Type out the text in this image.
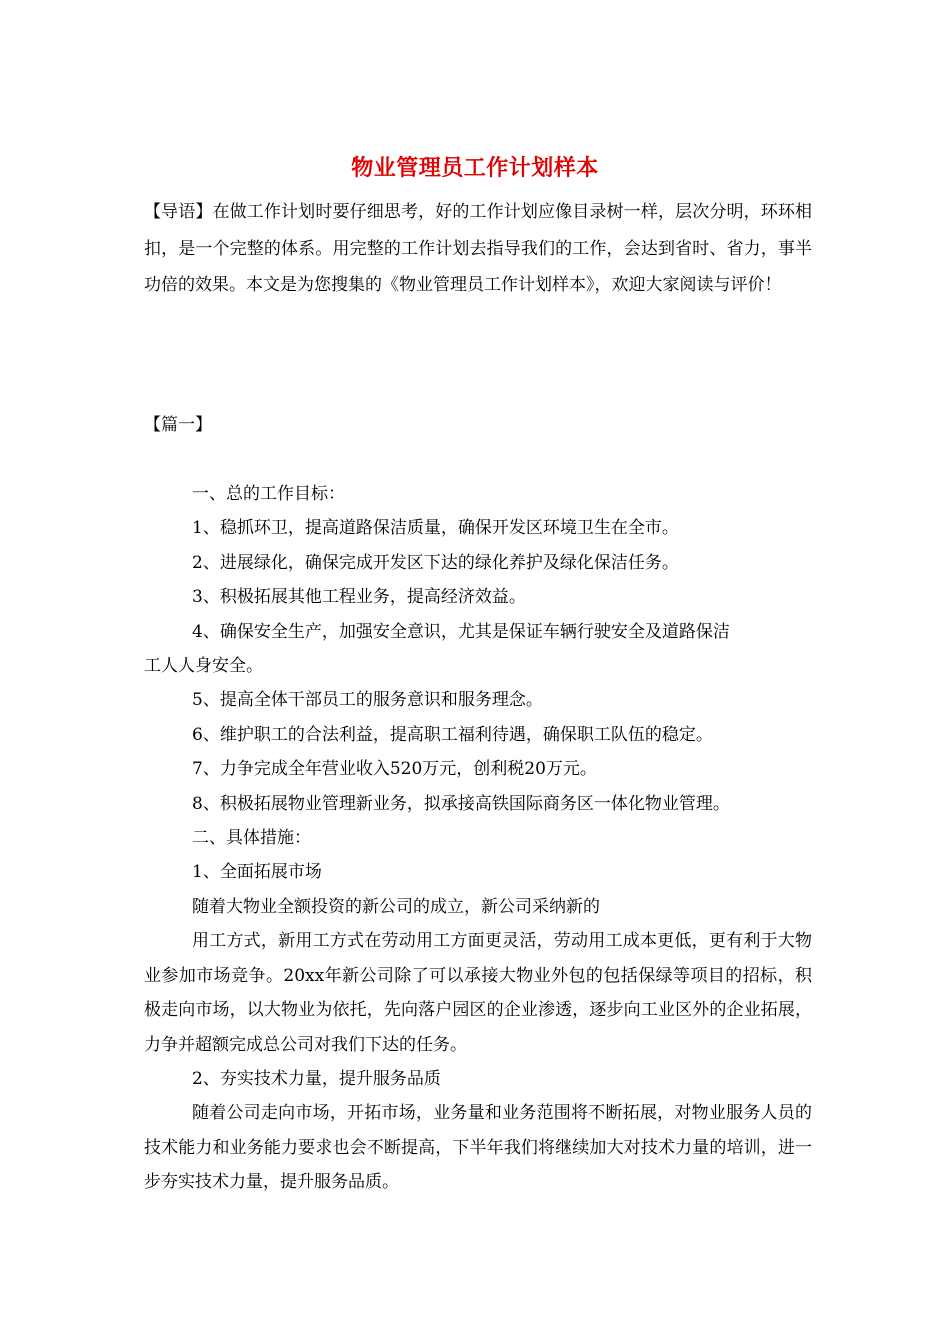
物业管理员工作计划样本
【导语】在做工作计划时要仔细思考，好的工作计划应像目录树一样，层次分明，环环相扣，是一个完整的体系。用完整的工作计划去指导我们的工作，会达到省时、省力，事半功倍的效果。本文是为您搜集的《物业管理员工作计划样本》，欢迎大家阅读与评价！
【篇一】
一、总的工作目标：
1、稳抓环卫，提高道路保洁质量，确保开发区环境卫生在全市。
2、进展绿化，确保完成开发区下达的绿化养护及绿化保洁任务。
3、积极拓展其他工程业务，提高经济效益。
4、确保安全生产，加强安全意识，尤其是保证车辆行驶安全及道路保洁
工人人身安全。
5、提高全体干部员工的服务意识和服务理念。
6、维护职工的合法利益，提高职工福利待遇，确保职工队伍的稳定。
7、力争完成全年营业收入520万元，创利税20万元。
8、积极拓展物业管理新业务，拟承接高铁国际商务区一体化物业管理。
二、具体措施：
1、全面拓展市场
随着大物业全额投资的新公司的成立，新公司采纳新的
用工方式，新用工方式在劳动用工方面更灵活，劳动用工成本更低，更有利于大物业参加市场竞争。20xx年新公司除了可以承接大物业外包的包括保绿等项目的招标，积极走向市场，以大物业为依托，先向落户园区的企业渗透，逐步向工业区外的企业拓展，力争并超额完成总公司对我们下达的任务。
2、夯实技术力量，提升服务品质
随着公司走向市场，开拓市场，业务量和业务范围将不断拓展，对物业服务人员的技术能力和业务能力要求也会不断提高，下半年我们将继续加大对技术力量的培训，进一步夯实技术力量，提升服务品质。
